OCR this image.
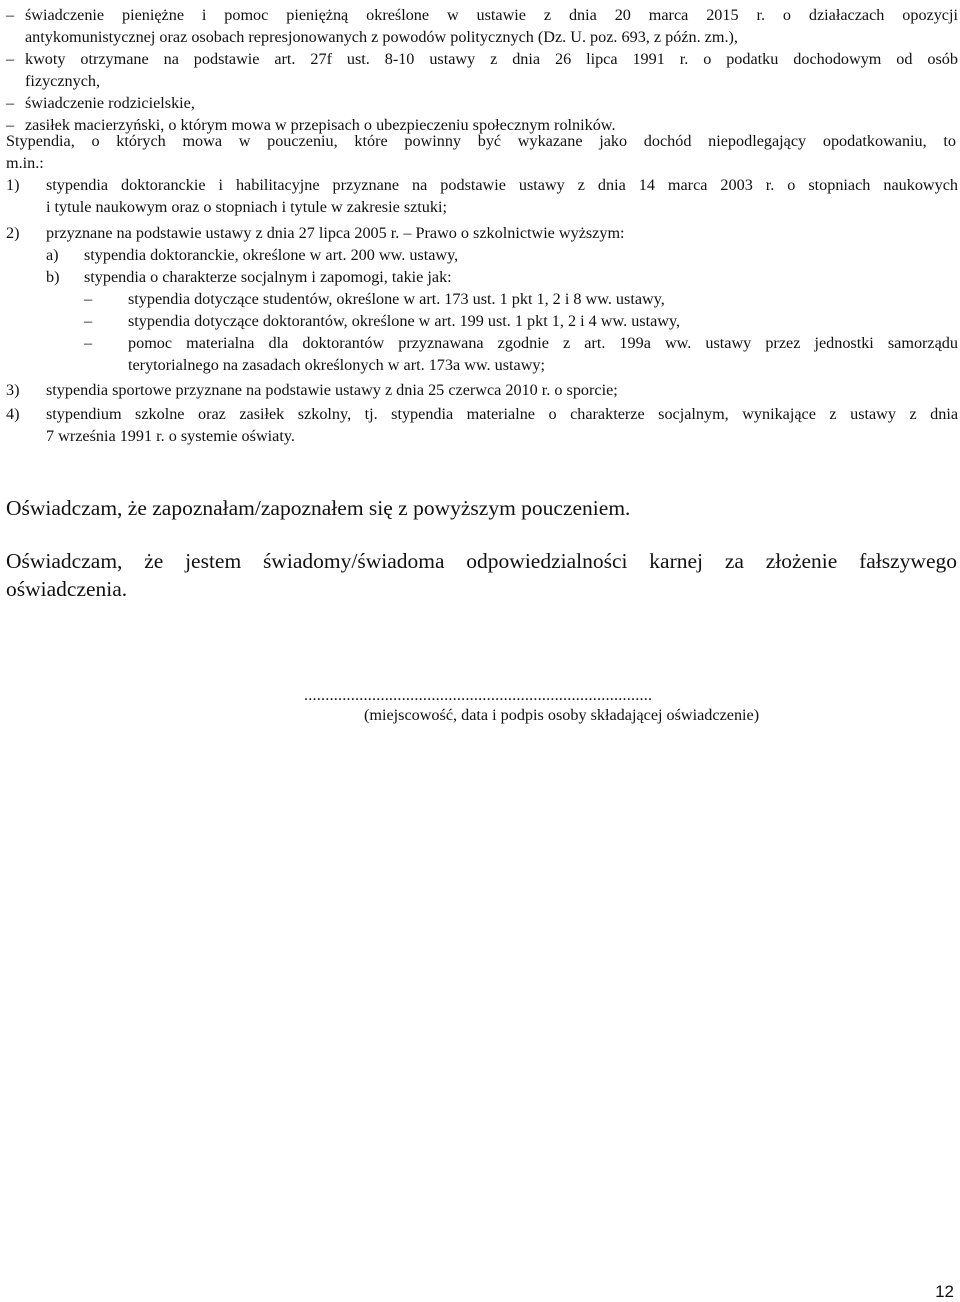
– świadczenie pieniężne i pomoc pieniężną określone w ustawie z dnia 20 marca 2015 r. o działaczach opozycji
antykomunistycznej oraz osobach represjonowanych z powodów politycznych (Dz. U. poz. 693, z późn. zm.),
– kwoty otrzymane na podstawie art. 27f ust. 8-10 ustawy z dnia 26 lipca 1991 r. o podatku dochodowym od osób
fizycznych,
– świadczenie rodzicielskie,
– zasiłek macierzyński, o którym mowa w przepisach o ubezpieczeniu społecznym rolników.
Stypendia, o których mowa w pouczeniu, które powinny być wykazane jako dochód niepodlegający opodatkowaniu, to
m.in.:
1) stypendia doktoranckie i habilitacyjne przyznane na podstawie ustawy z dnia 14 marca 2003 r. o stopniach naukowych
i tytule naukowym oraz o stopniach i tytule w zakresie sztuki;
2) przyznane na podstawie ustawy z dnia 27 lipca 2005 r. – Prawo o szkolnictwie wyższym:
a) stypendia doktoranckie, określone w art. 200 ww. ustawy,
b) stypendia o charakterze socjalnym i zapomogi, takie jak:
– stypendia dotyczące studentów, określone w art. 173 ust. 1 pkt 1, 2 i 8 ww. ustawy,
– stypendia dotyczące doktorantów, określone w art. 199 ust. 1 pkt 1, 2 i 4 ww. ustawy,
– pomoc materialna dla doktorantów przyznawana zgodnie z art. 199a ww. ustawy przez jednostki samorządu
terytorialnego na zasadach określonych w art. 173a ww. ustawy;
3) stypendia sportowe przyznane na podstawie ustawy z dnia 25 czerwca 2010 r. o sporcie;
4) stypendium szkolne oraz zasiłek szkolny, tj. stypendia materialne o charakterze socjalnym, wynikające z ustawy z dnia
7 września 1991 r. o systemie oświaty.
Oświadczam, że zapoznałam/zapoznałem się z powyższym pouczeniem.
Oświadczam, że jestem świadomy/świadoma odpowiedzialności karnej za złożenie fałszywego oświadczenia.
..................................................................................
(miejscowość, data i podpis osoby składającej oświadczenie)
12
